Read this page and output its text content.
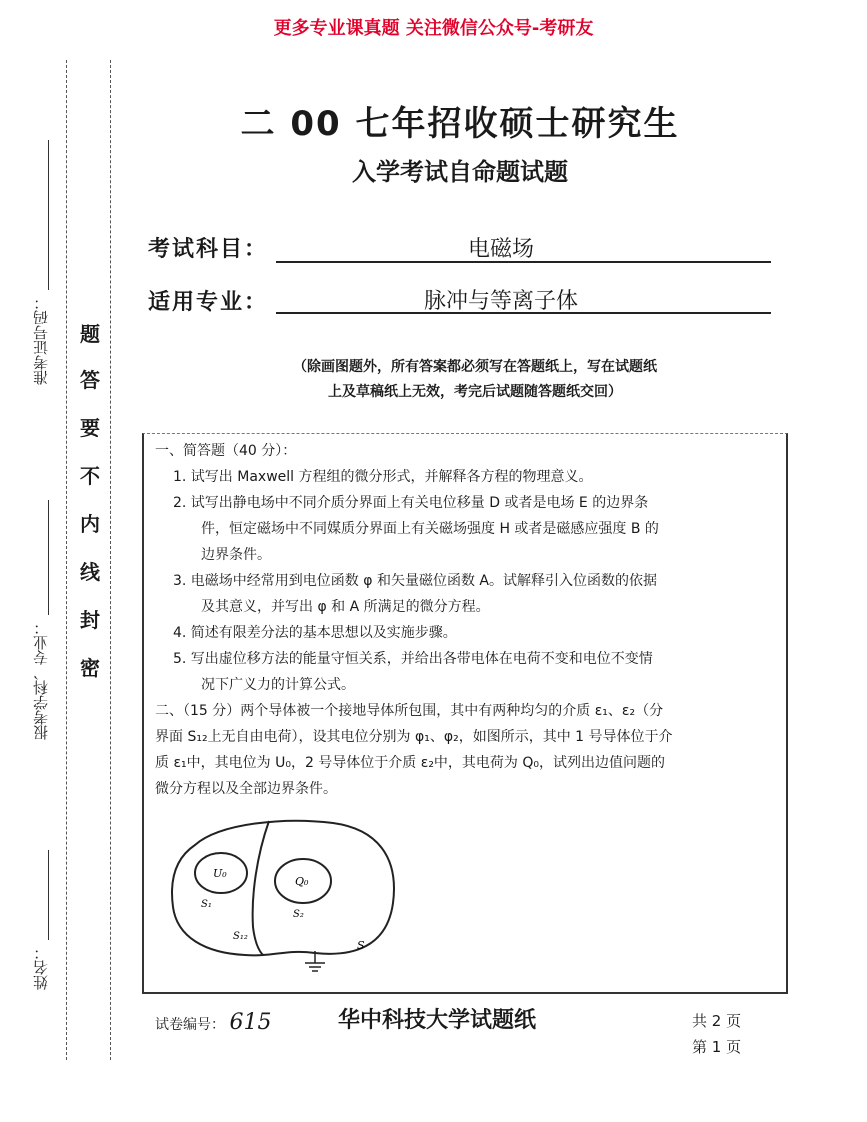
更多专业课真题 关注微信公众号-考研友
准考证号码：
报考学科、专业：
姓名：
题
答
要
不
内
线
封
密
二 00 七年招收硕士研究生
入学考试自命题试题
考试科目：	电磁场
适用专业：	脉冲与等离子体
（除画图题外，所有答案都必须写在答题纸上，写在试题纸
上及草稿纸上无效，考完后试题随答题纸交回）

一、简答题（40 分）：

1. 试写出 Maxwell 方程组的微分形式，并解释各方程的物理意义。

2. 试写出静电场中不同介质分界面上有关电位移量 D 或者是电场 E 的边界条

件，恒定磁场中不同媒质分界面上有关磁场强度 H 或者是磁感应强度 B 的

边界条件。

3. 电磁场中经常用到电位函数 φ 和矢量磁位函数 A。试解释引入位函数的依据

及其意义，并写出 φ 和 A 所满足的微分方程。

4. 简述有限差分法的基本思想以及实施步骤。

5. 写出虚位移方法的能量守恒关系，并给出各带电体在电荷不变和电位不变情

况下广义力的计算公式。

二、（15 分）两个导体被一个接地导体所包围，其中有两种均匀的介质 ε₁、ε₂（分

界面 S₁₂上无自由电荷），设其电位分别为 φ₁、φ₂，如图所示，其中 1 号导体位于介

质 ε₁中，其电位为 U₀，2 号导体位于介质 ε₂中，其电荷为 Q₀，试列出边值问题的

微分方程以及全部边界条件。

U₀
Q₀
S₁
S₂
S₁₂
S
试卷编号： 615	华中科技大学试题纸	共 2 页
第 1 页
